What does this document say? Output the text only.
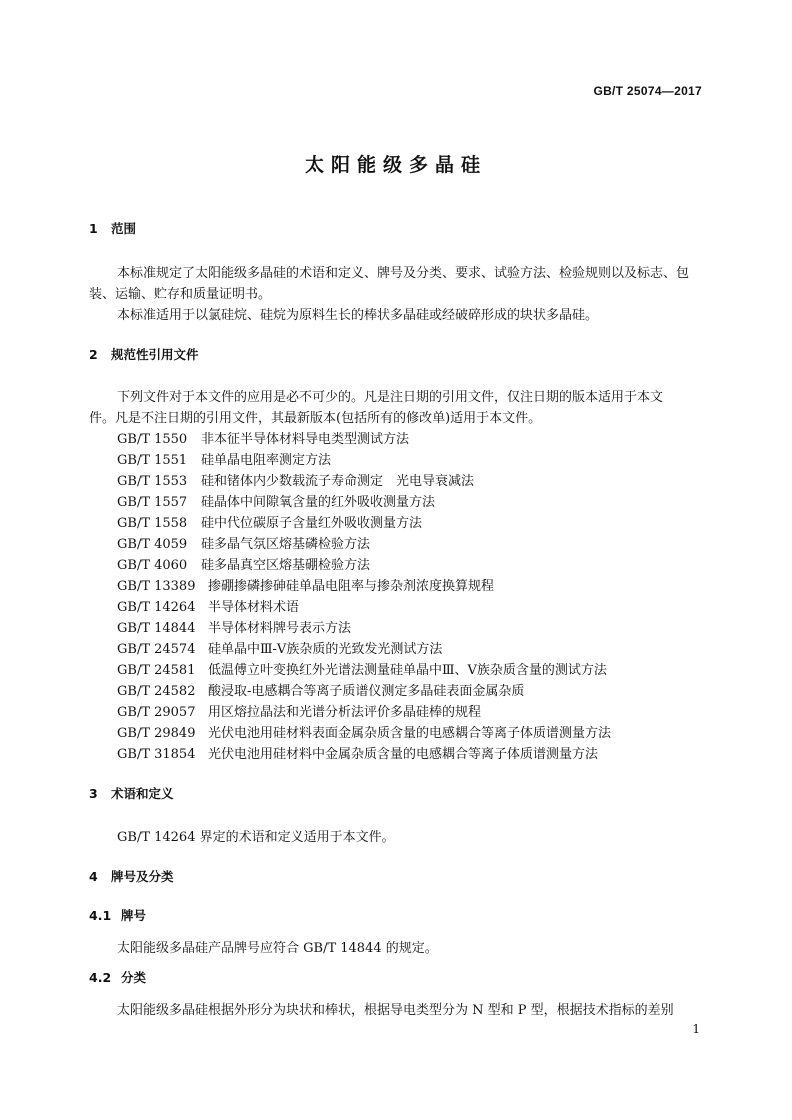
GB/T 25074—2017
太阳能级多晶硅
1 范围
本标准规定了太阳能级多晶硅的术语和定义、牌号及分类、要求、试验方法、检验规则以及标志、包
装、运输、贮存和质量证明书。
本标准适用于以氯硅烷、硅烷为原料生长的棒状多晶硅或经破碎形成的块状多晶硅。
2 规范性引用文件
下列文件对于本文件的应用是必不可少的。凡是注日期的引用文件，仅注日期的版本适用于本文
件。凡是不注日期的引用文件，其最新版本(包括所有的修改单)适用于本文件。
GB/T 1550 非本征半导体材料导电类型测试方法
GB/T 1551 硅单晶电阻率测定方法
GB/T 1553 硅和锗体内少数载流子寿命测定　光电导衰减法
GB/T 1557 硅晶体中间隙氧含量的红外吸收测量方法
GB/T 1558 硅中代位碳原子含量红外吸收测量方法
GB/T 4059 硅多晶气氛区熔基磷检验方法
GB/T 4060 硅多晶真空区熔基硼检验方法
GB/T 13389 掺硼掺磷掺砷硅单晶电阻率与掺杂剂浓度换算规程
GB/T 14264 半导体材料术语
GB/T 14844 半导体材料牌号表示方法
GB/T 24574 硅单晶中Ⅲ-Ⅴ族杂质的光致发光测试方法
GB/T 24581 低温傅立叶变换红外光谱法测量硅单晶中Ⅲ、Ⅴ族杂质含量的测试方法
GB/T 24582 酸浸取-电感耦合等离子质谱仪测定多晶硅表面金属杂质
GB/T 29057 用区熔拉晶法和光谱分析法评价多晶硅棒的规程
GB/T 29849 光伏电池用硅材料表面金属杂质含量的电感耦合等离子体质谱测量方法
GB/T 31854 光伏电池用硅材料中金属杂质含量的电感耦合等离子体质谱测量方法
3 术语和定义
GB/T 14264 界定的术语和定义适用于本文件。
4 牌号及分类
4.1 牌号
太阳能级多晶硅产品牌号应符合 GB/T 14844 的规定。
4.2 分类
太阳能级多晶硅根据外形分为块状和棒状，根据导电类型分为 N 型和 P 型，根据技术指标的差别
1
